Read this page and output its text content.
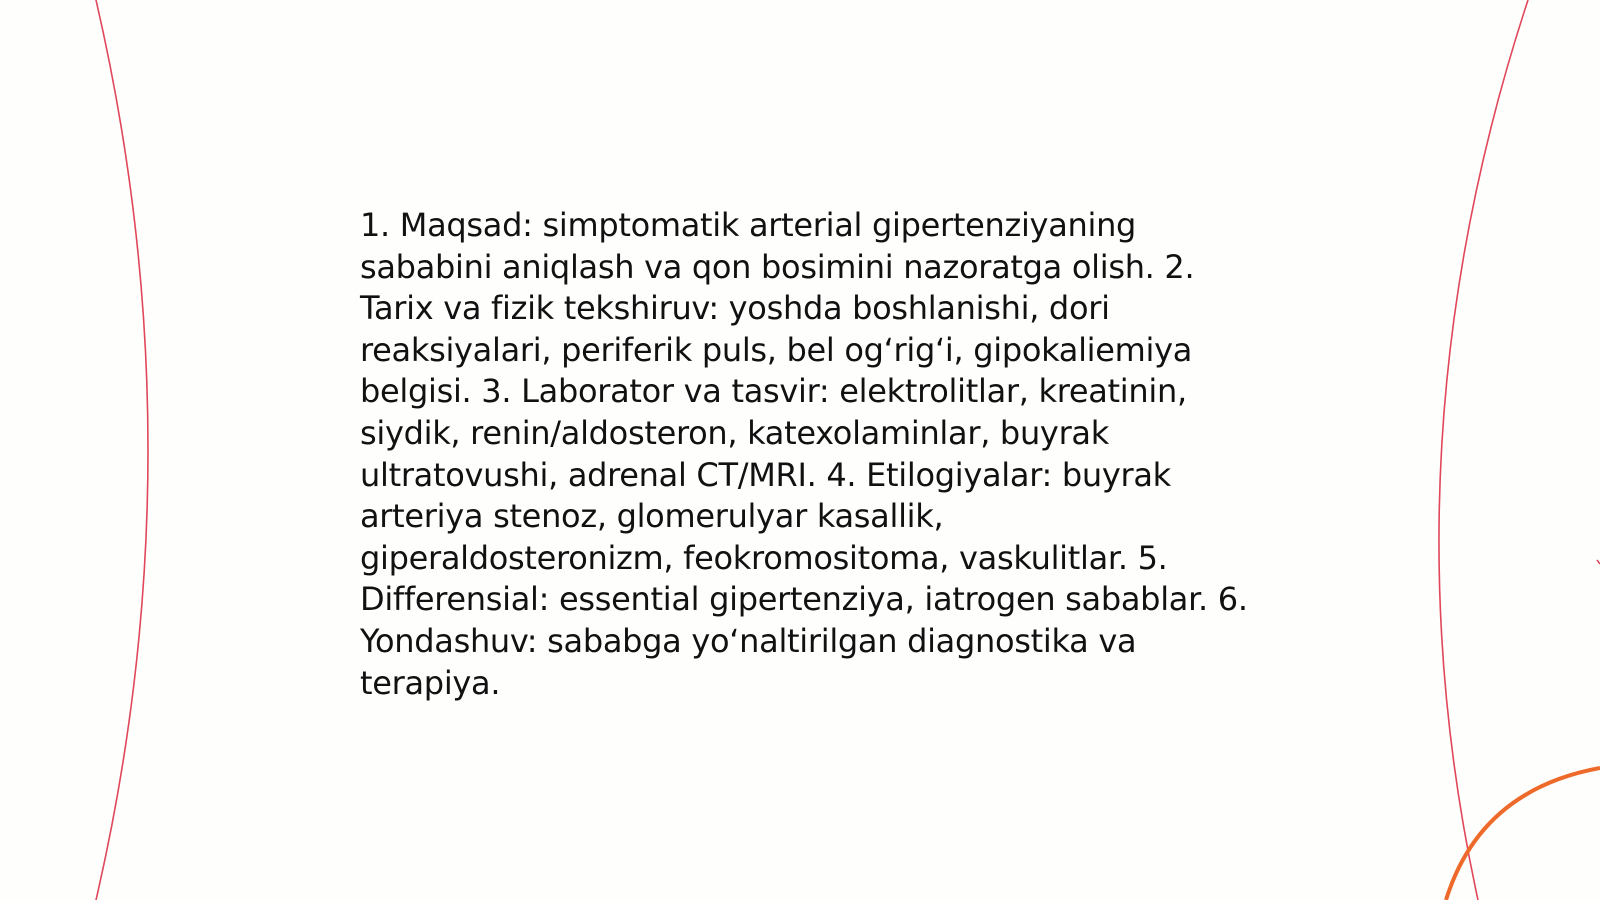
1. Maqsad: simptomatik arterial gipertenziyaning sababini aniqlash va qon bosimini nazoratga olish. 2. Tarix va fizik tekshiruv: yoshda boshlanishi, dori reaksiyalari, periferik puls, bel ogʻrigʻi, gipokaliemiya belgisi. 3. Laborator va tasvir: elektrolitlar, kreatinin, siydik, renin/aldosteron, katexolaminlar, buyrak ultratovushi, adrenal CT/MRI. 4. Etilogiyalar: buyrak arteriya stenoz, glomerulyar kasallik, giperaldosteronizm, feokromositoma, vaskulitlar. 5. Differensial: essential gipertenziya, iatrogen sabablar. 6. Yondashuv: sababga yoʻnaltirilgan diagnostika va terapiya.
